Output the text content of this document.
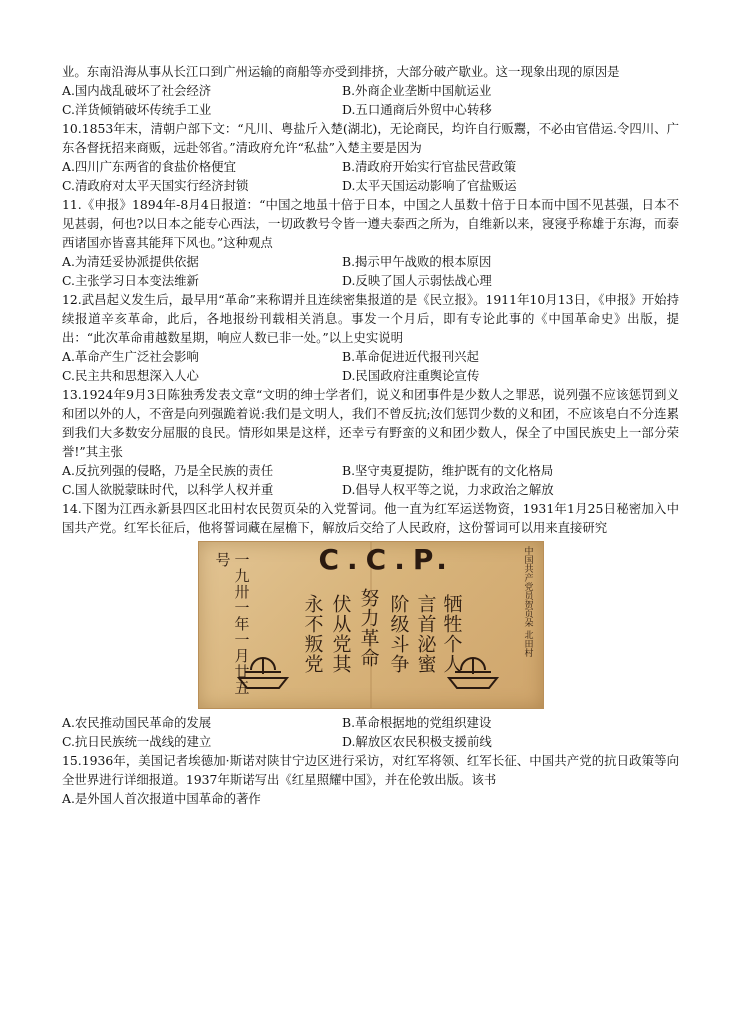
业。东南沿海从事从长江口到广州运输的商船等亦受到排挤，大部分破产歇业。这一现象出现的原因是

A.国内战乱破坏了社会经济	B.外商企业垄断中国航运业
C.洋货倾销破坏传统手工业	D.五口通商后外贸中心转移

10.1853年末，清朝户部下文：“凡川、粤盐斤入楚(湖北)，无论商民，均许自行贩鬻，不必由官借运.令四川、广东各督抚招来商贩，远赴邻省。”清政府允许“私盐”入楚主要是因为

A.四川广东两省的食盐价格便宜	B.清政府开始实行官盐民营政策
C.清政府对太平天国实行经济封锁	D.太平天国运动影响了官盐贩运

11.《申报》1894年-8月4日报道：“中国之地虽十倍于日本，中国之人虽数十倍于日本而中国不见甚强，日本不见甚弱，何也?以日本之能专心西法，一切政教号令皆一遵夫泰西之所为，自维新以来，寖寖乎称雄于东海，而泰西诸国亦皆喜其能拜下风也。”这种观点

A.为清廷妥协派提供依据	B.揭示甲午战败的根本原因
C.主张学习日本变法维新	D.反映了国人示弱怯战心理

12.武昌起义发生后，最早用“革命”来称谓并且连续密集报道的是《民立报》。1911年10月13日，《申报》开始持续报道辛亥革命，此后，各地报纷刊载相关消息。事发一个月后，即有专论此事的《中国革命史》出版，提出：“此次革命甫越数星期，响应人数已非一处。”以上史实说明

A.革命产生广泛社会影响	B.革命促进近代报刊兴起
C.民主共和思想深入人心	D.民国政府注重舆论宣传

13.1924年9月3日陈独秀发表文章“文明的绅士学者们，说义和团事件是少数人之罪恶，说列强不应该惩罚到义和团以外的人，不啻是向列强跪着说:我们是文明人，我们不曾反抗;汝们惩罚少数的义和团，不应该皂白不分连累到我们大多数安分屈服的良民。情形如果是这样，还幸亏有野蛮的义和团少数人，保全了中国民族史上一部分荣誉!”其主张

A.反抗列强的侵略，乃是全民族的责任	B.坚守夷夏提防，维护既有的文化格局
C.国人欲脱蒙昧时代，以科学人权并重	D.倡导人权平等之说，力求政治之解放

14.下图为江西永新县四区北田村农民贺页朵的入党誓词。他一直为红军运送物资，1931年1月25日秘密加入中国共产党。红军长征后，他将誓词藏在屋檐下，解放后交给了人民政府，这份誓词可以用来直接研究

C.C.P.
一九卅一年一月廿五号
牺牲个人
言首泌蜜
阶级斗争
努力革命
伏从党其
永不叛党	中国共产党员贺页朵 北田村
A.农民推动国民革命的发展	B.革命根据地的党组织建设
C.抗日民族统一战线的建立	D.解放区农民积极支援前线

15.1936年，美国记者埃德加·斯诺对陕甘宁边区进行采访，对红军将领、红军长征、中国共产党的抗日政策等向全世界进行详细报道。1937年斯诺写出《红星照耀中国》，并在伦敦出版。该书

A.是外国人首次报道中国革命的著作
